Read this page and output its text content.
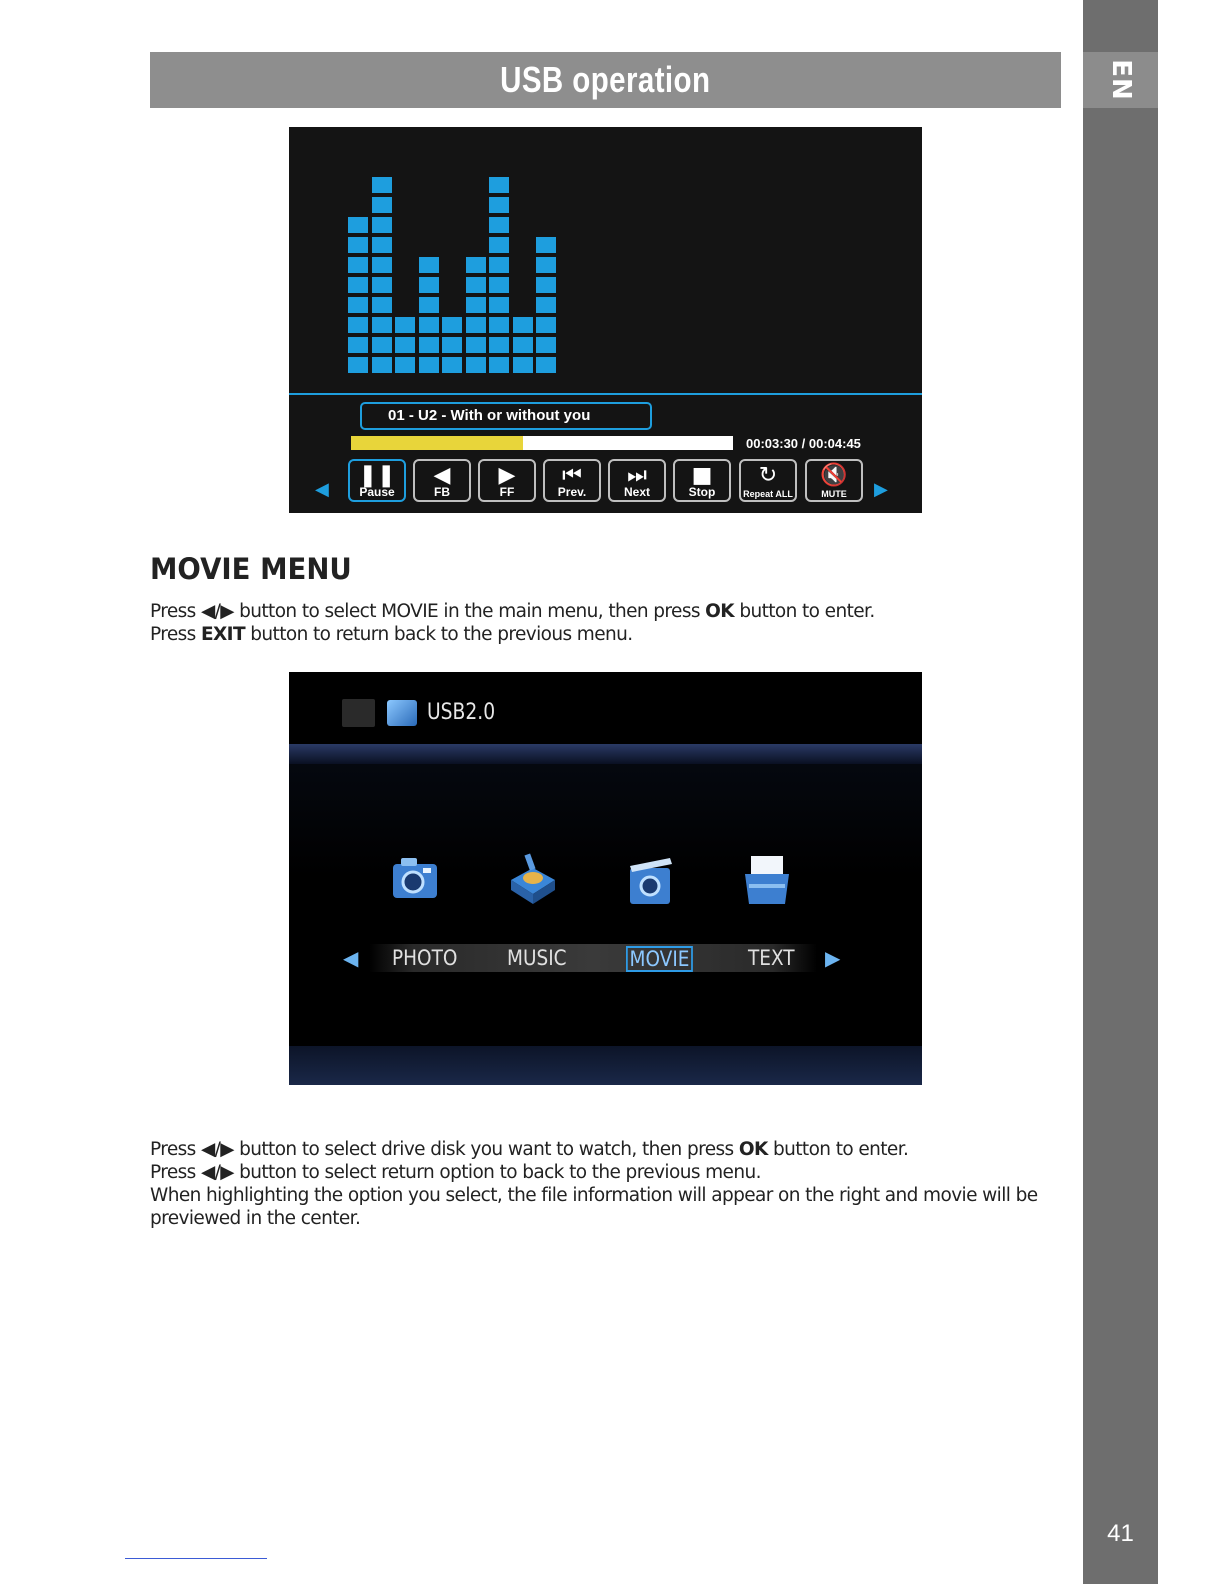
EN
41
USB operation
01 - U2 - With or without you
00:03:30 / 00:04:45
◀
❚❚
Pause
◀
FB
▶
FF
⏮
Prev.
⏭
Next
■
Stop
↻
Repeat ALL
🔇
MUTE	▶
MOVIE MENU
Press ◀/▶ button to select MOVIE in the main menu, then press OK button to enter.
Press EXIT button to return back to the previous menu.
USB2.0
◀ PHOTO MUSIC	MOVIE	TEXT ▶
Press ◀/▶ button to select drive disk you want to watch, then press OK button to enter.
Press ◀/▶ button to select return option to back to the previous menu.
When highlighting the option you select, the file information will appear on the right and movie will be
previewed in the center.
